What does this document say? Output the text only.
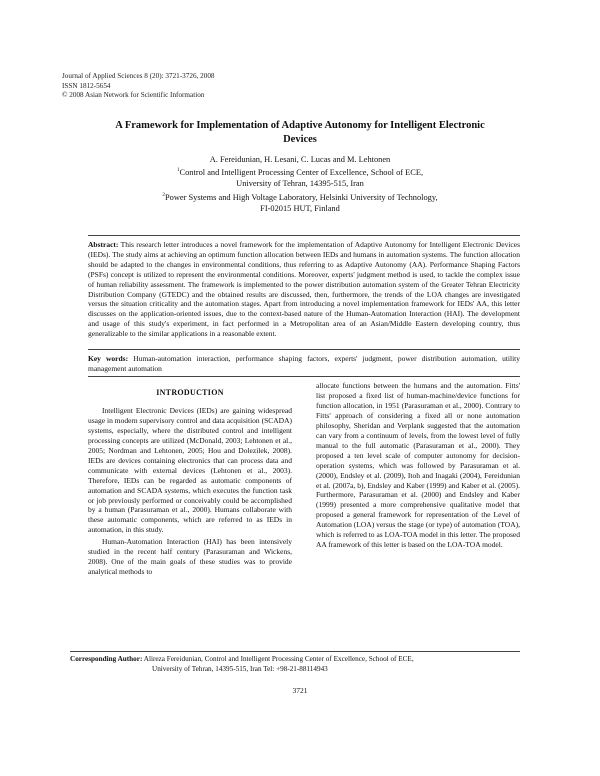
Journal of Applied Sciences 8 (20): 3721-3726, 2008
ISSN 1812-5654
© 2008 Asian Network for Scientific Information
A Framework for Implementation of Adaptive Autonomy for Intelligent Electronic Devices
A. Fereidunian, H. Lesani, C. Lucas and M. Lehtonen
$^1$Control and Intelligent Processing Center of Excellence, School of ECE,
University of Tehran, 14395-515, Iran
$^2$Power Systems and High Voltage Laboratory, Helsinki University of Technology,
FI-02015 HUT, Finland
Abstract: This research letter introduces a novel framework for the implementation of Adaptive Autonomy for Intelligent Electronic Devices (IEDs). The study aims at achieving an optimum function allocation between IEDs and humans in automation systems. The function allocation should be adapted to the changes in environmental conditions, thus referring to as Adaptive Autonomy (AA). Performance Shaping Factors (PSFs) concept is utilized to represent the environmental conditions. Moreover, experts' judgment method is used, to tackle the complex issue of human reliability assessment. The framework is implemented to the power distribution automation system of the Greater Tehran Electricity Distribution Company (GTEDC) and the obtained results are discussed, then, furthermore, the trends of the LOA changes are investigated versus the situation criticality and the automation stages. Apart from introducing a novel implementation framework for IEDs' AA, this letter discusses on the application-oriented issues, due to the context-based nature of the Human-Automation Interaction (HAI). The development and usage of this study's experiment, in fact performed in a Metropolitan area of an Asian/Middle Eastern developing country, thus generalizable to the similar applications in a reasonable extent.
Key words: Human-automation interaction, performance shaping factors, experts' judgment, power distribution automation, utility management automation
INTRODUCTION

Intelligent Electronic Devices (IEDs) are gaining widespread usage in modern supervisory control and data acquisition (SCADA) systems, especially, where the distributed control and intelligent processing concepts are utilized (McDonald, 2003; Lehtonen et al., 2005; Nordman and Lehtonen, 2005; Hou and Dolezilek, 2008). IEDs are devices containing electronics that can process data and communicate with external devices (Lehtonen et al., 2003). Therefore, IEDs can be regarded as automatic components of automation and SCADA systems, which executes the function task or job previously performed or conceivably could be accomplished by a human (Parasuraman et al., 2000). Humans collaborate with these automatic components, which are referred to as IEDs in automation, in this study.

Human-Automation Interaction (HAI) has been intensively studied in the recent half century (Parasuraman and Wickens, 2008). One of the main goals of these studies was to provide analytical methods to

allocate functions between the humans and the automation. Fitts' list proposed a fixed list of human-machine/device functions for function allocation, in 1951 (Parasuraman et al., 2000). Contrary to Fitts' approach of considering a fixed all or none automation philosophy, Sheridan and Verplank suggested that the automation can vary from a continuum of levels, from the lowest level of fully manual to the full automatic (Parasuraman et al., 2000). They proposed a ten level scale of computer autonomy for decision-operation systems, which was followed by Parasuraman et al. (2000), Endsley et al. (2009), Itoh and Inagaki (2004), Fereidunian et al. (2007a, b), Endsley and Kaber (1999) and Kaber et al. (2005). Furthermore, Parasuraman et al. (2000) and Endsley and Kaber (1999) presented a more comprehensive qualitative model that proposed a general framework for representation of the Level of Automation (LOA) versus the stage (or type) of automation (TOA), which is referred to as LOA-TOA model in this letter. The proposed AA framework of this letter is based on the LOA-TOA model.

Corresponding Author: Alireza Fereidunian, Control and Intelligent Processing Center of Excellence, School of ECE,
University of Tehran, 14395-515, Iran Tel: +98-21-88114943
3721
